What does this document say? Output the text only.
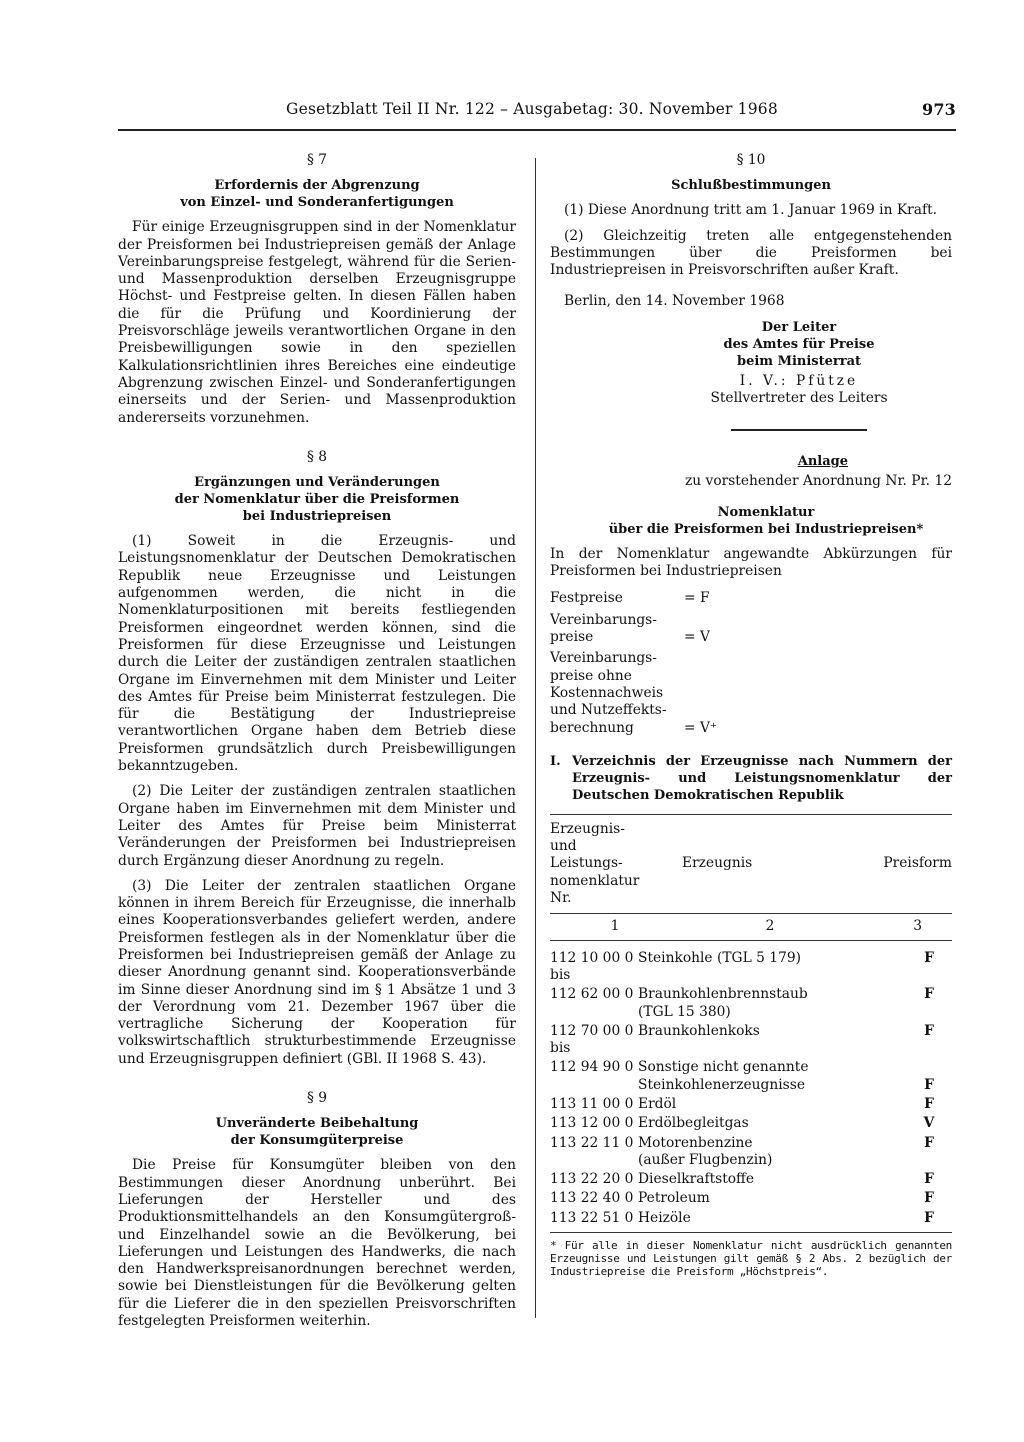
Gesetzblatt Teil II Nr. 122 – Ausgabetag: 30. November 1968	973

§ 7

Erfordernis der Abgrenzung

von Einzel- und Sonderanfertigungen

Für einige Erzeugnisgruppen sind in der Nomenklatur der Preisformen bei Industriepreisen gemäß der Anlage Vereinbarungspreise festgelegt, während für die Serien- und Massenproduktion derselben Erzeugnisgruppe Höchst- und Festpreise gelten. In diesen Fällen haben die für die Prüfung und Koordinierung der Preisvorschläge jeweils verantwortlichen Organe in den Preisbewilligungen sowie in den speziellen Kalkulationsrichtlinien ihres Bereiches eine eindeutige Abgrenzung zwischen Einzel- und Sonderanfertigungen einerseits und der Serien- und Massenproduktion andererseits vorzunehmen.

§ 8

Ergänzungen und Veränderungen

der Nomenklatur über die Preisformen

bei Industriepreisen

(1) Soweit in die Erzeugnis- und Leistungsnomenklatur der Deutschen Demokratischen Republik neue Erzeugnisse und Leistungen aufgenommen werden, die nicht in die Nomenklaturpositionen mit bereits festliegenden Preisformen eingeordnet werden können, sind die Preisformen für diese Erzeugnisse und Leistungen durch die Leiter der zuständigen zentralen staatlichen Organe im Einvernehmen mit dem Minister und Leiter des Amtes für Preise beim Ministerrat festzulegen. Die für die Bestätigung der Industriepreise verantwortlichen Organe haben dem Betrieb diese Preisformen grundsätzlich durch Preisbewilligungen bekanntzugeben.

(2) Die Leiter der zuständigen zentralen staatlichen Organe haben im Einvernehmen mit dem Minister und Leiter des Amtes für Preise beim Ministerrat Veränderungen der Preisformen bei Industriepreisen durch Ergänzung dieser Anordnung zu regeln.

(3) Die Leiter der zentralen staatlichen Organe können in ihrem Bereich für Erzeugnisse, die innerhalb eines Kooperationsverbandes geliefert werden, andere Preisformen festlegen als in der Nomenklatur über die Preisformen bei Industriepreisen gemäß der Anlage zu dieser Anordnung genannt sind. Kooperationsverbände im Sinne dieser Anordnung sind im § 1 Absätze 1 und 3 der Verordnung vom 21. Dezember 1967 über die vertragliche Sicherung der Kooperation für volkswirtschaftlich strukturbestimmende Erzeugnisse und Erzeugnisgruppen definiert (GBl. II 1968 S. 43).

§ 9

Unveränderte Beibehaltung

der Konsumgüterpreise

Die Preise für Konsumgüter bleiben von den Bestimmungen dieser Anordnung unberührt. Bei Lieferungen der Hersteller und des Produktionsmittelhandels an den Konsumgütergroß- und Einzelhandel sowie an die Bevölkerung, bei Lieferungen und Leistungen des Handwerks, die nach den Handwerkspreisanordnungen berechnet werden, sowie bei Dienstleistungen für die Bevölkerung gelten für die Lieferer die in den speziellen Preisvorschriften festgelegten Preisformen weiterhin.

§ 10

Schlußbestimmungen

(1) Diese Anordnung tritt am 1. Januar 1969 in Kraft.

(2) Gleichzeitig treten alle entgegenstehenden Bestimmungen über die Preisformen bei Industriepreisen in Preisvorschriften außer Kraft.

Berlin, den 14. November 1968

Der Leiter

des Amtes für Preise

beim Ministerrat

I. V.: Pfütze

Stellvertreter des Leiters

Anlage

zu vorstehender Anordnung Nr. Pr. 12

Nomenklatur

über die Preisformen bei Industriepreisen*

In der Nomenklatur angewandte Abkürzungen für Preisformen bei Industriepreisen

Festpreise	= F
Vereinbarungs-
preise	= V
Vereinbarungs-
preise ohne
Kostennachweis
und Nutzeffekts-
berechnung	= V⁺
I. Verzeichnis der Erzeugnisse nach Nummern der Erzeugnis- und Leistungsnomenklatur der Deutschen Demokratischen Republik
Erzeugnis-
und
Leistungs-
nomenklatur
Nr.
Erzeugnis	Preisform
1	2	3
112 10 00 0
bis
Steinkohle (TGL 5 179)	F
112 62 00 0 Braunkohlenbrennstaub
(TGL 15 380)
F
112 70 00 0
bis
Braunkohlenkoks	F
112 94 90 0 Sonstige nicht genannte
Steinkohlenerzeugnisse	F
113 11 00 0 Erdöl	F
113 12 00 0 Erdölbegleitgas	V
113 22 11 0 Motorenbenzine
(außer Flugbenzin)
F
113 22 20 0 Dieselkraftstoffe	F
113 22 40 0 Petroleum	F
113 22 51 0 Heizöle	F

* Für alle in dieser Nomenklatur nicht ausdrücklich genannten Erzeugnisse und Leistungen gilt gemäß § 2 Abs. 2 bezüglich der Industriepreise die Preisform „Höchstpreis“.
